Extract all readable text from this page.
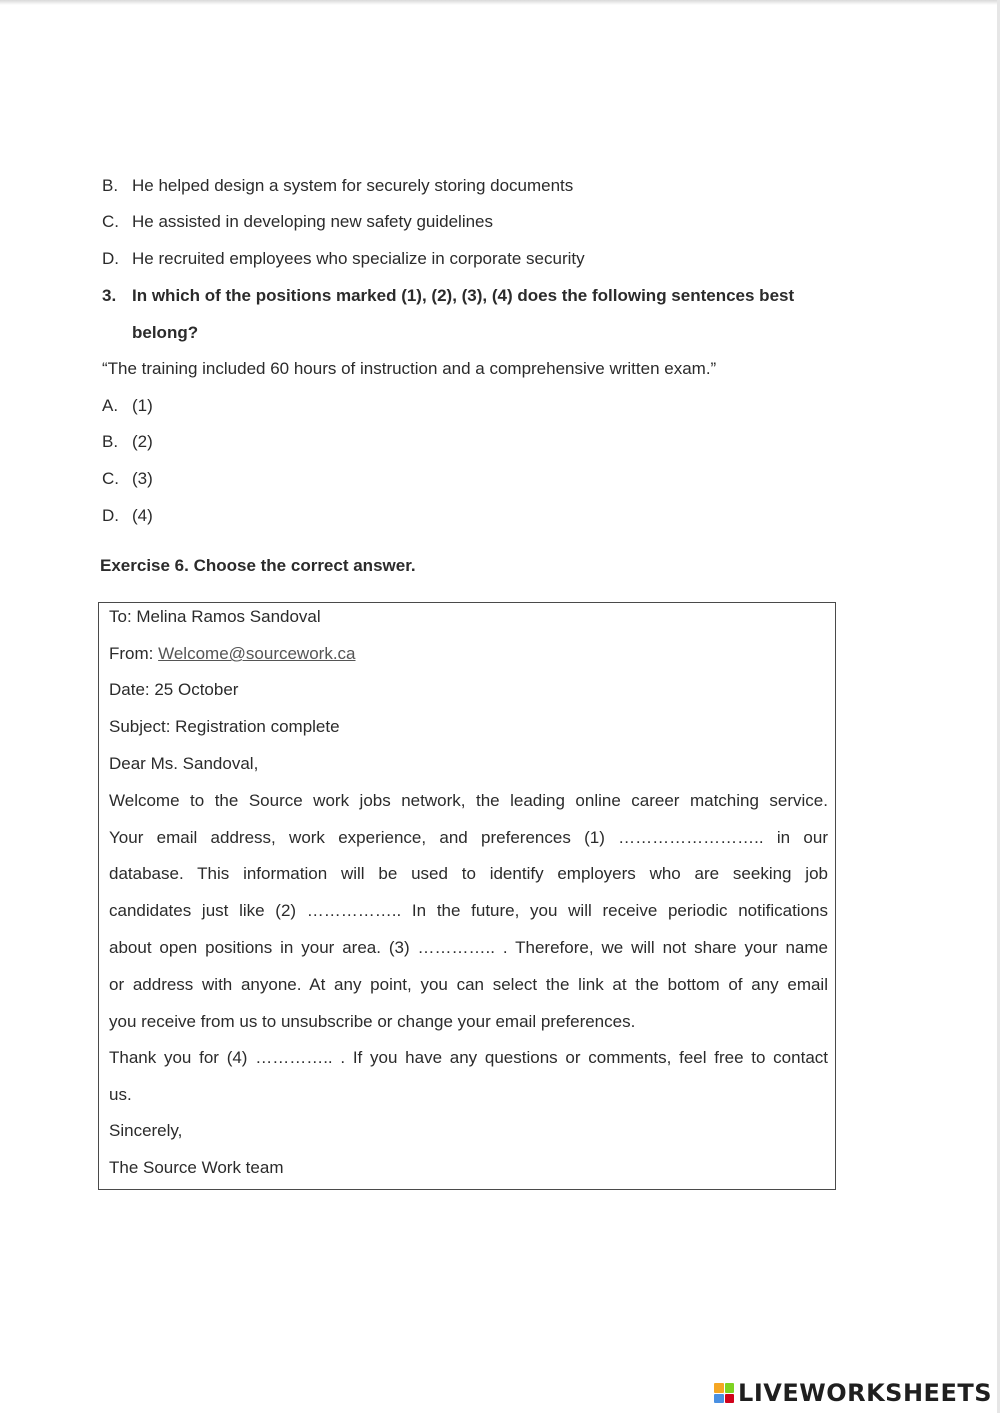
B. He helped design a system for securely storing documents
C. He assisted in developing new safety guidelines
D. He recruited employees who specialize in corporate security
3. In which of the positions marked (1), (2), (3), (4) does the following sentences best
belong?
“The training included 60 hours of instruction and a comprehensive written exam.”
A. (1)
B. (2)
C. (3)
D. (4)
Exercise 6. Choose the correct answer.
To: Melina Ramos Sandoval
From: Welcome@sourcework.ca
Date: 25 October
Subject: Registration complete
Dear Ms. Sandoval,
Welcome to the Source work jobs network, the leading online career matching service.
Your email address, work experience, and preferences (1) …………………….. in our
database. This information will be used to identify employers who are seeking job
candidates just like (2) …………….. In the future, you will receive periodic notifications
about open positions in your area. (3) ………….. . Therefore, we will not share your name
or address with anyone. At any point, you can select the link at the bottom of any email
you receive from us to unsubscribe or change your email preferences.
Thank you for (4) ………….. . If you have any questions or comments, feel free to contact
us.
Sincerely,
The Source Work team
LIVEWORKSHEETS
